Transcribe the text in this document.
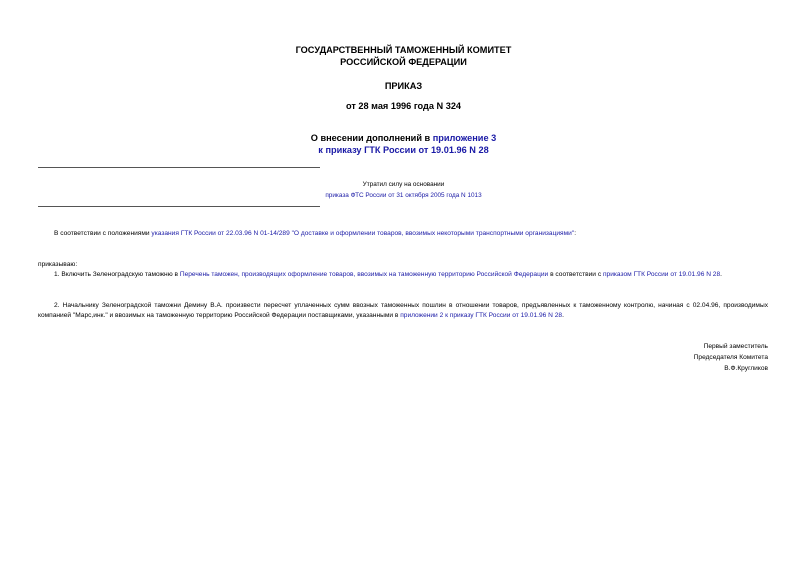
ГОСУДАРСТВЕННЫЙ ТАМОЖЕННЫЙ КОМИТЕТ
РОССИЙСКОЙ ФЕДЕРАЦИИ
ПРИКАЗ
от 28 мая 1996 года N 324
О внесении дополнений в приложение 3
к приказу ГТК России от 19.01.96 N 28
Утратил силу на основании
приказа ФТС России от 31 октября 2005 года N 1013
В соответствии с положениями указания ГТК России от 22.03.96 N 01-14/289 "О доставке и оформлении товаров, ввозимых некоторыми транспортными организациями":
приказываю:
1. Включить Зеленоградскую таможню в Перечень таможен, производящих оформление товаров, ввозимых на таможенную территорию Российской Федерации в соответствии с приказом ГТК России от 19.01.96 N 28.
2. Начальнику Зеленоградской таможни Демину В.А. произвести пересчет уплаченных сумм ввозных таможенных пошлин в отношении товаров, предъявленных к таможенному контролю, начиная с 02.04.96, производимых компанией "Марс,инк." и ввозимых на таможенную территорию Российской Федерации поставщиками, указанными в приложении 2 к приказу ГТК России от 19.01.96 N 28.
Первый заместитель
Председателя Комитета
В.Ф.Кругликов
